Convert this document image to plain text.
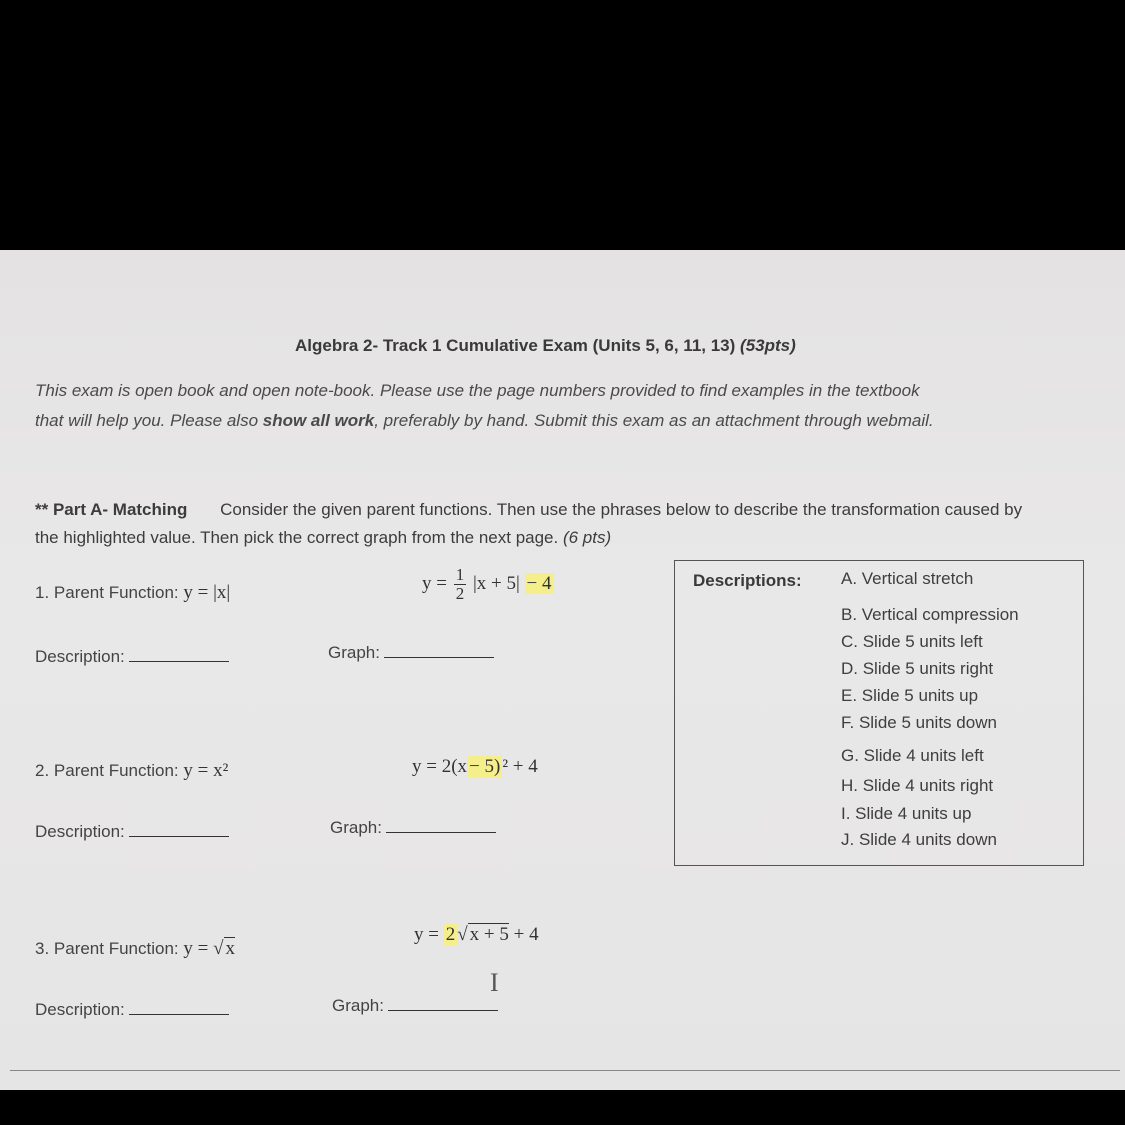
Algebra 2- Track 1 Cumulative Exam (Units 5, 6, 11, 13) (53pts)
This exam is open book and open note-book. Please use the page numbers provided to find examples in the textbook
that will help you. Please also show all work, preferably by hand. Submit this exam as an attachment through webmail.
** Part A- Matching Consider the given parent functions. Then use the phrases below to describe the transformation caused by the highlighted value. Then pick the correct graph from the next page. (6 pts)
1. Parent Function: y = |x|	$y = \frac{1}{2} |x + 5| - 4$
Description:	Graph:
2. Parent Function: y = x²	y = 2(x − 5) ² + 4
Description:	Graph:
3. Parent Function: y = √ x
y = 2 √ x + 5 + 4
I
Description:	Graph:
Descriptions: A. Vertical stretch
B. Vertical compression
C. Slide 5 units left
D. Slide 5 units right
E. Slide 5 units up
F. Slide 5 units down
G. Slide 4 units left
H. Slide 4 units right
I. Slide 4 units up
J. Slide 4 units down
